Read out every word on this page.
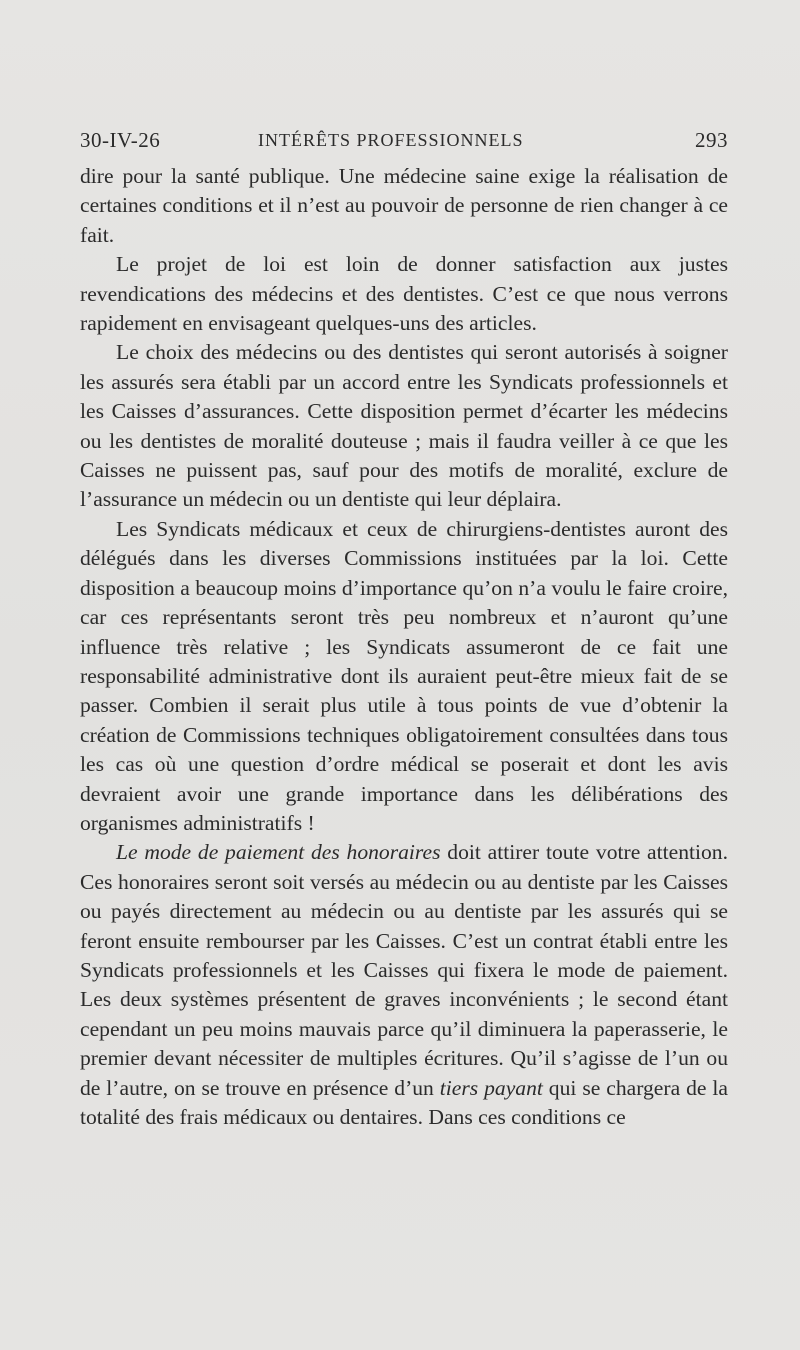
30-IV-26	INTÉRÊTS PROFESSIONNELS	293

dire pour la santé publique. Une médecine saine exige la réalisation de certaines conditions et il n’est au pouvoir de personne de rien changer à ce fait.

Le projet de loi est loin de donner satisfaction aux justes revendications des médecins et des dentistes. C’est ce que nous verrons rapidement en envisageant quelques-uns des articles.

Le choix des médecins ou des dentistes qui seront autorisés à soigner les assurés sera établi par un accord entre les Syndicats professionnels et les Caisses d’assurances. Cette disposition permet d’écarter les médecins ou les dentistes de moralité douteuse ; mais il faudra veiller à ce que les Caisses ne puissent pas, sauf pour des motifs de moralité, exclure de l’assurance un médecin ou un dentiste qui leur déplaira.

Les Syndicats médicaux et ceux de chirurgiens-dentistes auront des délégués dans les diverses Commissions instituées par la loi. Cette disposition a beaucoup moins d’importance qu’on n’a voulu le faire croire, car ces représentants seront très peu nombreux et n’auront qu’une influence très relative ; les Syndicats assumeront de ce fait une responsabilité administrative dont ils auraient peut-être mieux fait de se passer. Combien il serait plus utile à tous points de vue d’obtenir la création de Commissions techniques obligatoirement consultées dans tous les cas où une question d’ordre médical se poserait et dont les avis devraient avoir une grande importance dans les délibérations des organismes administratifs !

Le mode de paiement des honoraires doit attirer toute votre attention. Ces honoraires seront soit versés au médecin ou au dentiste par les Caisses ou payés directement au médecin ou au dentiste par les assurés qui se feront ensuite rembourser par les Caisses. C’est un contrat établi entre les Syndicats professionnels et les Caisses qui fixera le mode de paiement. Les deux systèmes présentent de graves inconvénients ; le second étant cependant un peu moins mauvais parce qu’il diminuera la paperasserie, le premier devant nécessiter de multiples écritures. Qu’il s’agisse de l’un ou de l’autre, on se trouve en présence d’un tiers payant qui se chargera de la totalité des frais médicaux ou dentaires. Dans ces conditions ce
